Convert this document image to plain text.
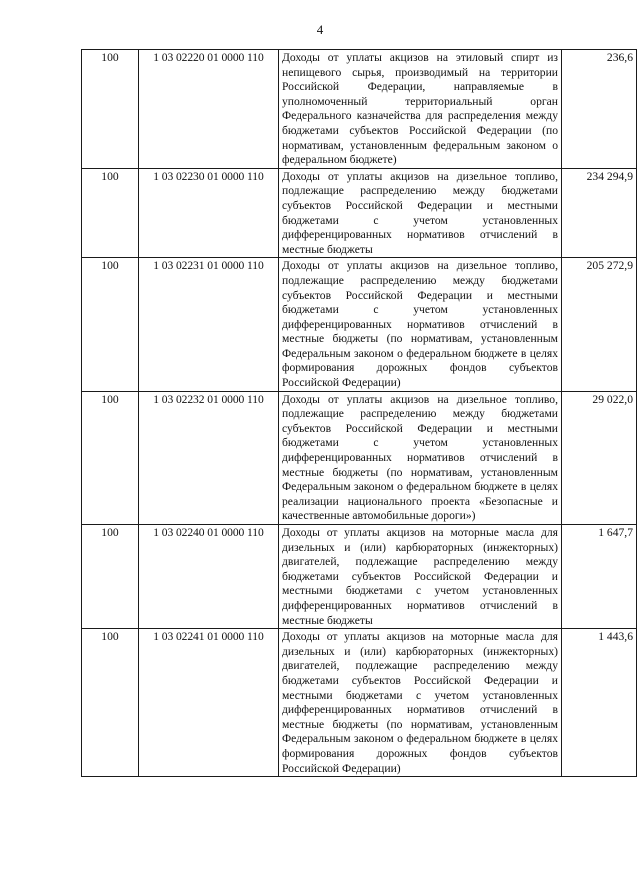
4
100	1 03 02220 01 0000 110	Доходы от уплаты акцизов на этиловый спирт из непищевого сырья, производимый на территории Российской Федерации, направляемые в уполномоченный территориальный орган Федерального казначейства для распределения между бюджетами субъектов Российской Федерации (по нормативам, установленным федеральным законом о федеральном бюджете)	236,6
100	1 03 02230 01 0000 110	Доходы от уплаты акцизов на дизельное топливо, подлежащие распределению между бюджетами субъектов Российской Федерации и местными бюджетами с учетом установленных дифференцированных нормативов отчислений в местные бюджеты	234 294,9
100	1 03 02231 01 0000 110	Доходы от уплаты акцизов на дизельное топливо, подлежащие распределению между бюджетами субъектов Российской Федерации и местными бюджетами с учетом установленных дифференцированных нормативов отчислений в местные бюджеты (по нормативам, установленным Федеральным законом о федеральном бюджете в целях формирования дорожных фондов субъектов Российской Федерации)	205 272,9
100	1 03 02232 01 0000 110	Доходы от уплаты акцизов на дизельное топливо, подлежащие распределению между бюджетами субъектов Российской Федерации и местными бюджетами с учетом установленных дифференцированных нормативов отчислений в местные бюджеты (по нормативам, установленным Федеральным законом о федеральном бюджете в целях реализации национального проекта «Безопасные и качественные автомобильные дороги»)	29 022,0
100	1 03 02240 01 0000 110	Доходы от уплаты акцизов на моторные масла для дизельных и (или) карбюраторных (инжекторных) двигателей, подлежащие распределению между бюджетами субъектов Российской Федерации и местными бюджетами с учетом установленных дифференцированных нормативов отчислений в местные бюджеты	1 647,7
100	1 03 02241 01 0000 110	Доходы от уплаты акцизов на моторные масла для дизельных и (или) карбюраторных (инжекторных) двигателей, подлежащие распределению между бюджетами субъектов Российской Федерации и местными бюджетами с учетом установленных дифференцированных нормативов отчислений в местные бюджеты (по нормативам, установленным Федеральным законом о федеральном бюджете в целях формирования дорожных фондов субъектов Российской Федерации)	1 443,6
